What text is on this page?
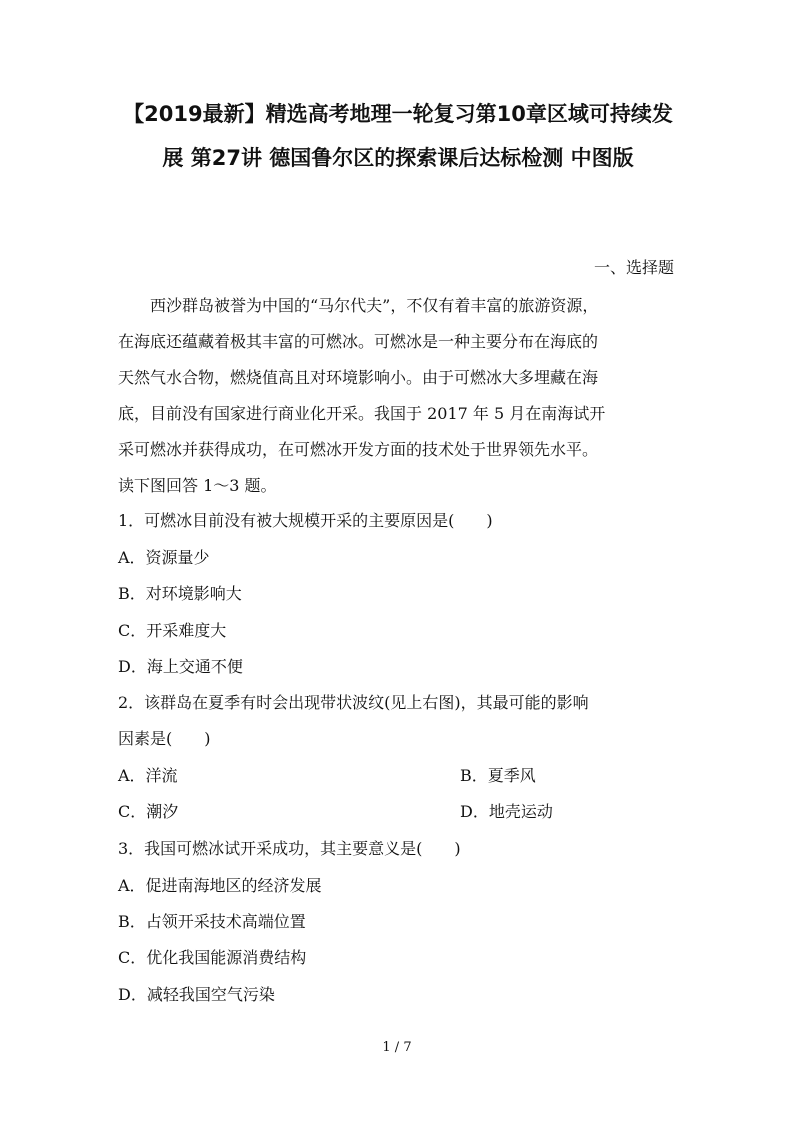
【2019最新】精选高考地理一轮复习第10章区域可持续发
展 第27讲 德国鲁尔区的探索课后达标检测 中图版
一、选择题
西沙群岛被誉为中国的“马尔代夫”，不仅有着丰富的旅游资源，
在海底还蕴藏着极其丰富的可燃冰。可燃冰是一种主要分布在海底的
天然气水合物，燃烧值高且对环境影响小。由于可燃冰大多埋藏在海
底，目前没有国家进行商业化开采。我国于 2017 年 5 月在南海试开
采可燃冰并获得成功，在可燃冰开发方面的技术处于世界领先水平。
读下图回答 1～3 题。
1．可燃冰目前没有被大规模开采的主要原因是(　　)
A．资源量少
B．对环境影响大
C．开采难度大
D．海上交通不便
2．该群岛在夏季有时会出现带状波纹(见上右图)，其最可能的影响
因素是(　　)
A．洋流	B．夏季风
C．潮汐	D．地壳运动
3．我国可燃冰试开采成功，其主要意义是(　　)
A．促进南海地区的经济发展
B．占领开采技术高端位置
C．优化我国能源消费结构
D．减轻我国空气污染
1 / 7
